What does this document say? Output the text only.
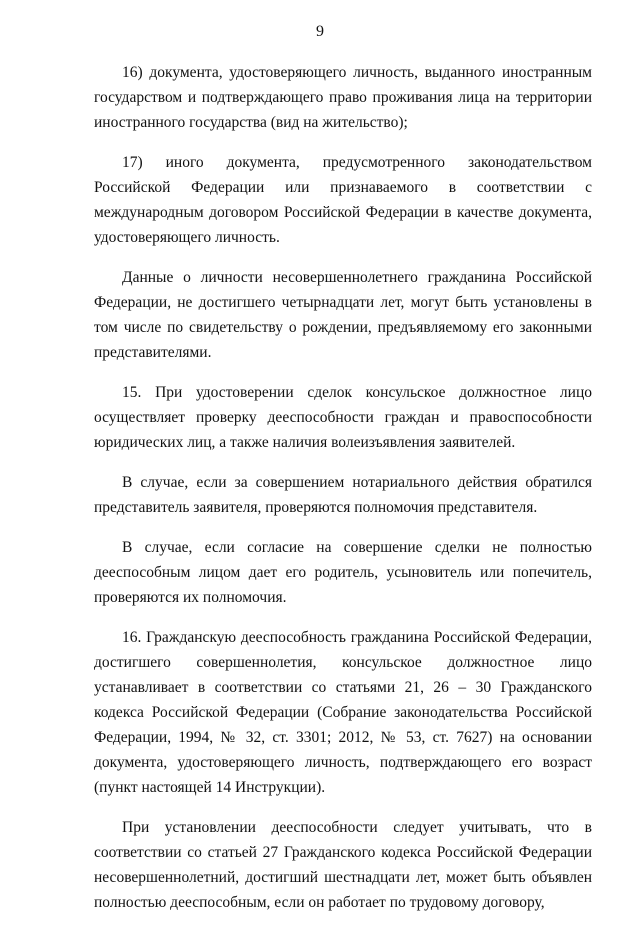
9

16) документа, удостоверяющего личность, выданного иностранным государством и подтверждающего право проживания лица на территории иностранного государства (вид на жительство);

17) иного документа, предусмотренного законодательством Российской Федерации или признаваемого в соответствии с международным договором Российской Федерации в качестве документа, удостоверяющего личность.

Данные о личности несовершеннолетнего гражданина Российской Федерации, не достигшего четырнадцати лет, могут быть установлены в том числе по свидетельству о рождении, предъявляемому его законными представителями.

15. При удостоверении сделок консульское должностное лицо осуществляет проверку дееспособности граждан и правоспособности юридических лиц, а также наличия волеизъявления заявителей.

В случае, если за совершением нотариального действия обратился представитель заявителя, проверяются полномочия представителя.

В случае, если согласие на совершение сделки не полностью дееспособным лицом дает его родитель, усыновитель или попечитель, проверяются их полномочия.

16. Гражданскую дееспособность гражданина Российской Федерации, достигшего совершеннолетия, консульское должностное лицо устанавливает в соответствии со статьями 21, 26 – 30 Гражданского кодекса Российской Федерации (Собрание законодательства Российской Федерации, 1994, № 32, ст. 3301; 2012, № 53, ст. 7627) на основании документа, удостоверяющего личность, подтверждающего его возраст (пункт настоящей 14 Инструкции).

При установлении дееспособности следует учитывать, что в соответствии со статьей 27 Гражданского кодекса Российской Федерации несовершеннолетний, достигший шестнадцати лет, может быть объявлен полностью дееспособным, если он работает по трудовому договору,
